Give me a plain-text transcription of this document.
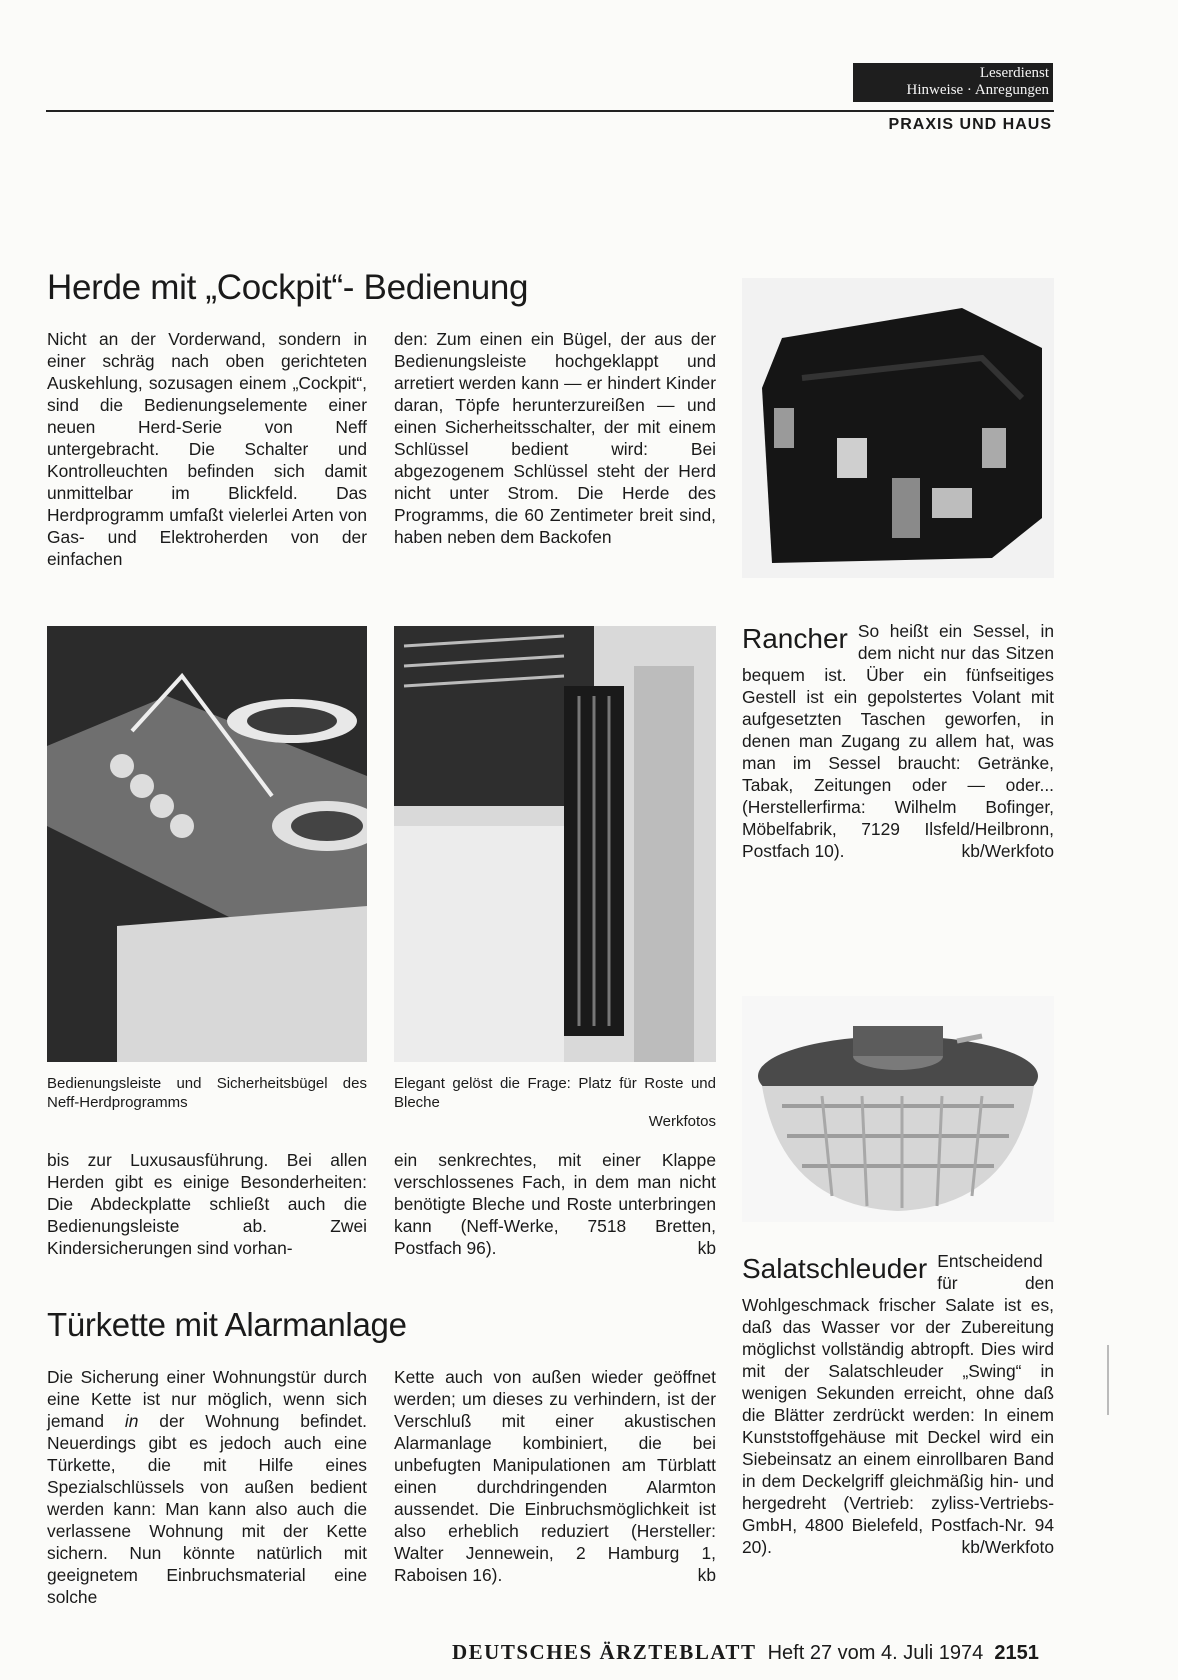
Leserdienst
Hinweise · Anregungen
PRAXIS UND HAUS
Herde mit „Cockpit“- Bedienung

Nicht an der Vorderwand, sondern in einer schräg nach oben gerichteten Auskehlung, sozusagen einem „Cockpit“, sind die Bedienungselemente einer neuen Herd-Serie von Neff untergebracht. Die Schalter und Kontrolleuchten befinden sich damit unmittelbar im Blickfeld. Das Herdprogramm umfaßt vielerlei Arten von Gas- und Elektroherden von der einfachen

den: Zum einen ein Bügel, der aus der Bedienungsleiste hochgeklappt und arretiert werden kann — er hindert Kinder daran, Töpfe herunterzureißen — und einen Sicherheitsschalter, der mit einem Schlüssel bedient wird: Bei abgezogenem Schlüssel steht der Herd nicht unter Strom. Die Herde des Programms, die 60 Zentimeter breit sind, haben neben dem Backofen

Bedienungsleiste und Sicherheitsbügel des Neff-Herdprogramms
Elegant gelöst die Frage: Platz für Roste und Bleche
Werkfotos

bis zur Luxusausführung. Bei allen Herden gibt es einige Besonderheiten: Die Abdeckplatte schließt auch die Bedienungsleiste ab. Zwei Kindersicherungen sind vorhan-

ein senkrechtes, mit einer Klappe verschlossenes Fach, in dem man nicht benötigte Bleche und Roste unterbringen kann (Neff-Werke, 7518 Bretten, Postfach 96).	kb

Rancher So heißt ein Sessel, in dem nicht nur das Sitzen bequem ist. Über ein fünfseitiges Gestell ist ein gepolstertes Volant mit aufgesetzten Taschen geworfen, in denen man Zugang zu allem hat, was man im Sessel braucht: Getränke, Tabak, Zeitungen oder — oder... (Herstellerfirma: Wilhelm Bofinger, Möbelfabrik, 7129 Ilsfeld/Heilbronn, Postfach 10).	kb/Werkfoto

Salatschleuder Entscheidend für den Wohlgeschmack frischer Salate ist es, daß das Wasser vor der Zubereitung möglichst vollständig abtropft. Dies wird mit der Salatschleuder „Swing“ in wenigen Sekunden erreicht, ohne daß die Blätter zerdrückt werden: In einem Kunststoffgehäuse mit Deckel wird ein Siebeinsatz an einem einrollbaren Band in dem Deckelgriff gleichmäßig hin- und hergedreht (Vertrieb: zyliss-Vertriebs-GmbH, 4800 Bielefeld, Postfach-Nr. 94 20).	kb/Werkfoto

Türkette mit Alarmanlage

Die Sicherung einer Wohnungstür durch eine Kette ist nur möglich, wenn sich jemand in der Wohnung befindet. Neuerdings gibt es jedoch auch eine Türkette, die mit Hilfe eines Spezialschlüssels von außen bedient werden kann: Man kann also auch die verlassene Wohnung mit der Kette sichern. Nun könnte natürlich mit geeignetem Einbruchsmaterial eine solche

Kette auch von außen wieder geöffnet werden; um dieses zu verhindern, ist der Verschluß mit einer akustischen Alarmanlage kombiniert, die bei unbefugten Manipulationen am Türblatt einen durchdringenden Alarmton aussendet. Die Einbruchsmöglichkeit ist also erheblich reduziert (Hersteller: Walter Jennewein, 2 Hamburg 1, Raboisen 16).	kb

DEUTSCHES ÄRZTEBLATT Heft 27 vom 4. Juli 1974 2151
